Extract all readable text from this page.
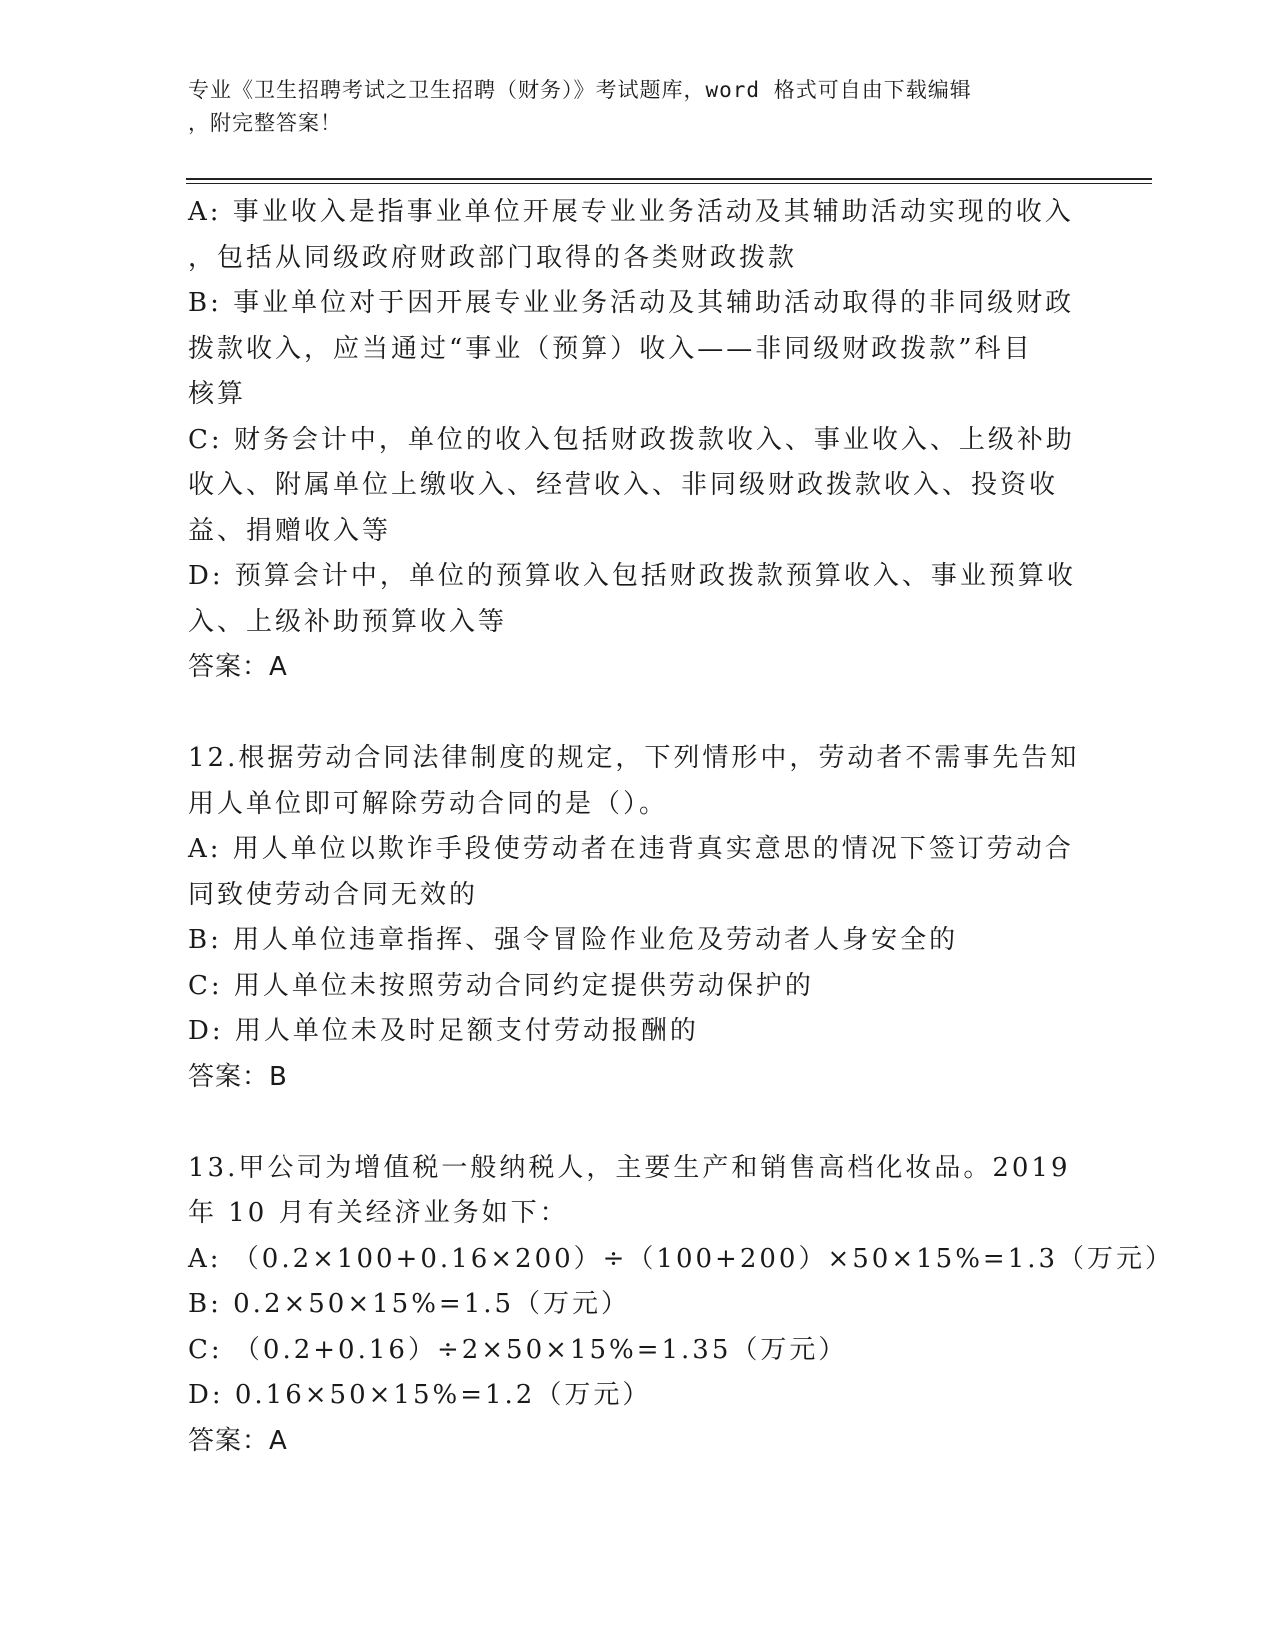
专业《卫生招聘考试之卫生招聘（财务）》考试题库，word 格式可自由下载编辑
，附完整答案！
A: 事业收入是指事业单位开展专业业务活动及其辅助活动实现的收入
，包括从同级政府财政部门取得的各类财政拨款
B: 事业单位对于因开展专业业务活动及其辅助活动取得的非同级财政
拨款收入，应当通过“事业（预算）收入——非同级财政拨款”科目
核算
C: 财务会计中，单位的收入包括财政拨款收入、事业收入、上级补助
收入、附属单位上缴收入、经营收入、非同级财政拨款收入、投资收
益、捐赠收入等
D: 预算会计中，单位的预算收入包括财政拨款预算收入、事业预算收
入、上级补助预算收入等
答案：A
12.根据劳动合同法律制度的规定，下列情形中，劳动者不需事先告知
用人单位即可解除劳动合同的是（）。
A: 用人单位以欺诈手段使劳动者在违背真实意思的情况下签订劳动合
同致使劳动合同无效的
B: 用人单位违章指挥、强令冒险作业危及劳动者人身安全的
C: 用人单位未按照劳动合同约定提供劳动保护的
D: 用人单位未及时足额支付劳动报酬的
答案：B
13.甲公司为增值税一般纳税人，主要生产和销售高档化妆品。2019
年 10 月有关经济业务如下：
A: （0.2×100+0.16×200）÷（100+200）×50×15%=1.3（万元）
B: 0.2×50×15%=1.5（万元）
C: （0.2+0.16）÷2×50×15%=1.35（万元）
D: 0.16×50×15%=1.2（万元）
答案：A
